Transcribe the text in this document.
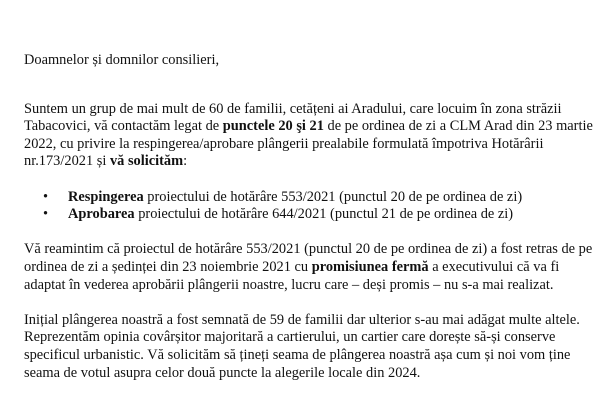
Doamnelor și domnilor consilieri,

Suntem un grup de mai mult de 60 de familii, cetățeni ai Aradului, care locuim în zona străzii Tabacovici, vă contactăm legat de punctele 20 şi 21 de pe ordinea de zi a CLM Arad din 23 martie 2022, cu privire la respingerea/aprobare plângerii prealabile formulată împotriva Hotărârii nr.173/2021 și vă solicităm:

• Respingerea proiectului de hotărâre 553/2021 (punctul 20 de pe ordinea de zi)
• Aprobarea proiectului de hotărâre 644/2021 (punctul 21 de pe ordinea de zi)

Vă reamintim că proiectul de hotărâre 553/2021 (punctul 20 de pe ordinea de zi) a fost retras de pe ordinea de zi a ședinței din 23 noiembrie 2021 cu promisiunea fermă a executivului că va fi adaptat în vederea aprobării plângerii noastre, lucru care – deși promis – nu s-a mai realizat.

Inițial plângerea noastră a fost semnată de 59 de familii dar ulterior s-au mai adăgat multe altele. Reprezentăm opinia covârșitor majoritară a cartierului, un cartier care dorește să-și conserve specificul urbanistic. Vă solicităm să țineți seama de plângerea noastră așa cum și noi vom ține seama de votul asupra celor două puncte la alegerile locale din 2024.
